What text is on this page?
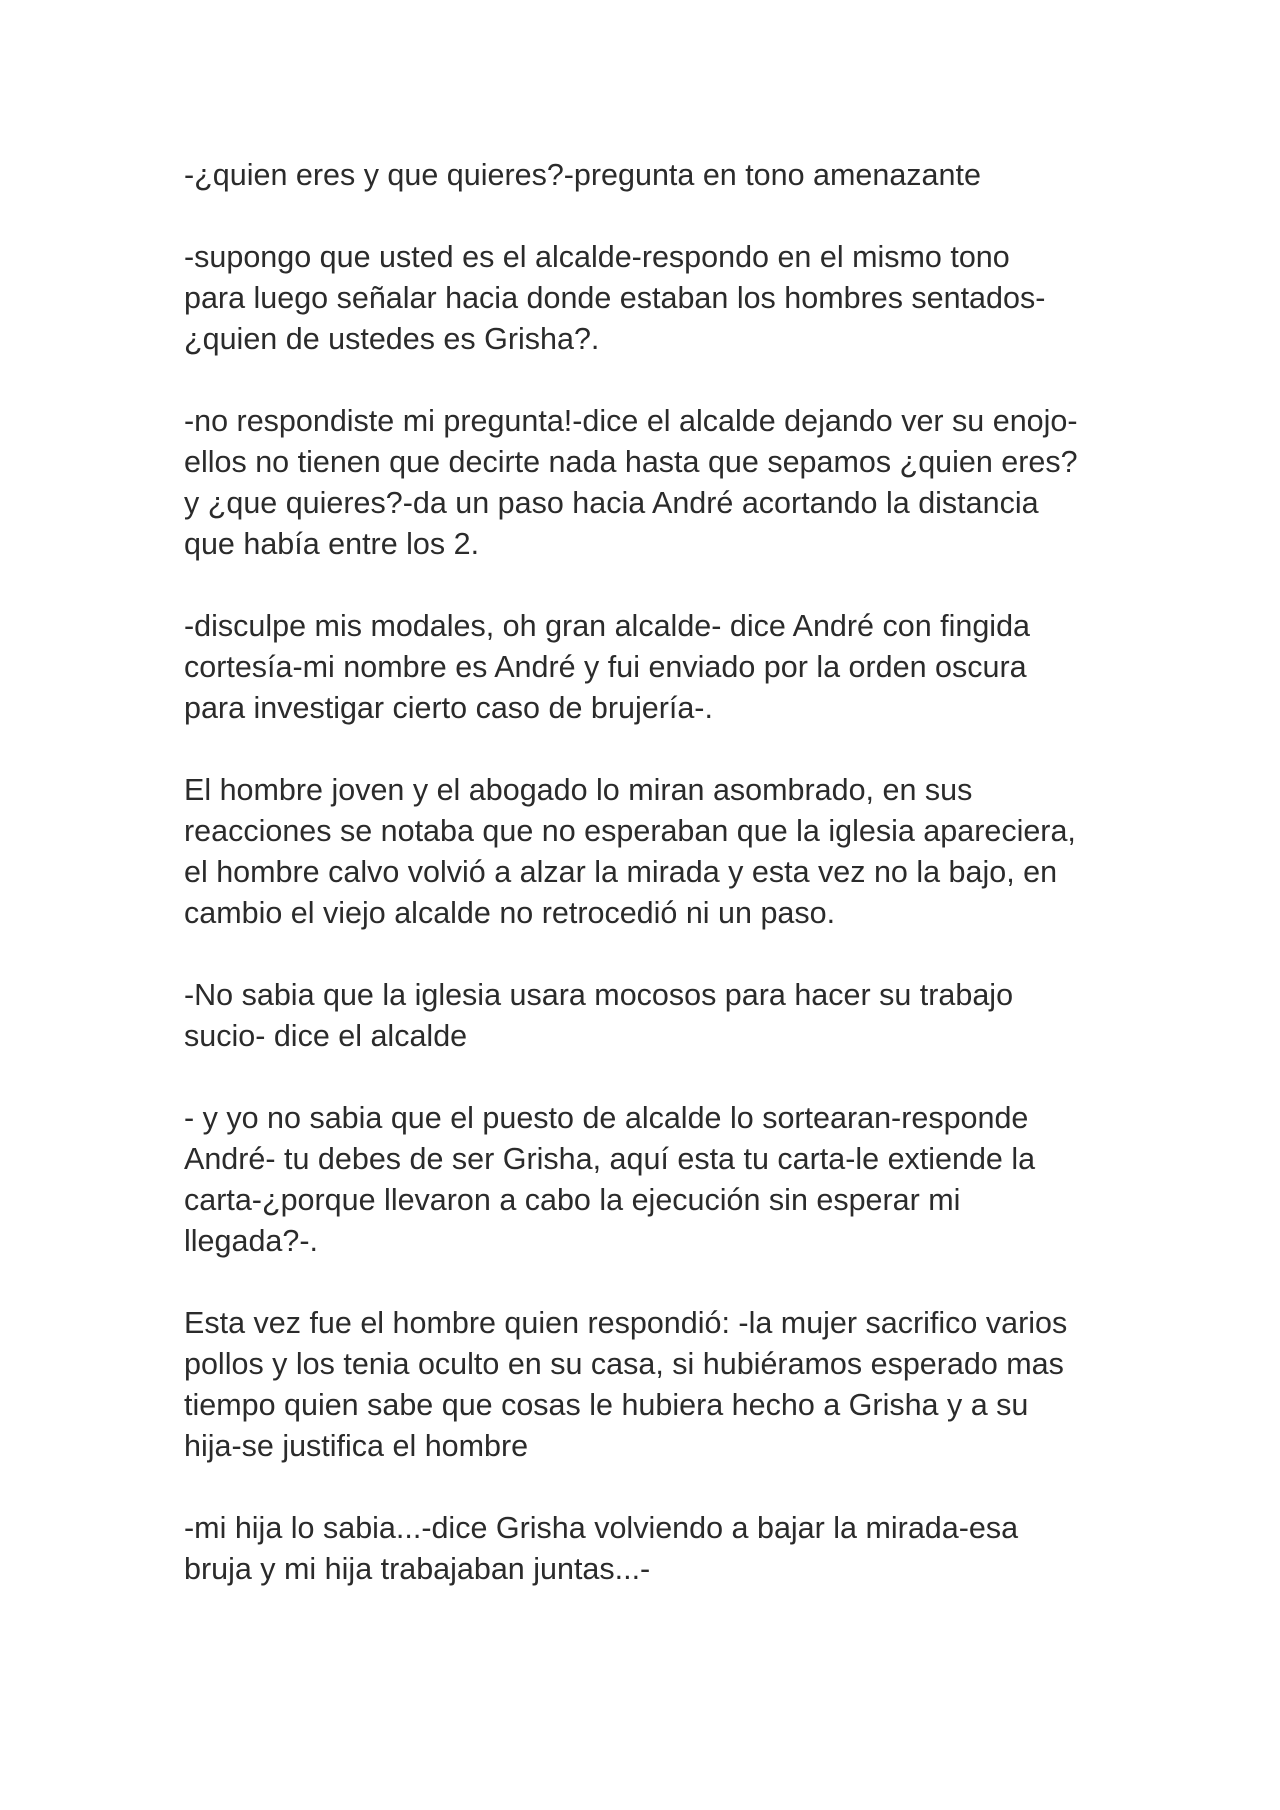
-¿quien eres y que quieres?-pregunta en tono amenazante

-supongo que usted es el alcalde-respondo en el mismo tono
para luego señalar hacia donde estaban los hombres sentados-
¿quien de ustedes es Grisha?.

-no respondiste mi pregunta!-dice el alcalde dejando ver su enojo-
ellos no tienen que decirte nada hasta que sepamos ¿quien eres?
y ¿que quieres?-da un paso hacia André acortando la distancia
que había entre los 2.

-disculpe mis modales, oh gran alcalde- dice André con fingida
cortesía-mi nombre es André y fui enviado por la orden oscura
para investigar cierto caso de brujería-.

El hombre joven y el abogado lo miran asombrado, en sus
reacciones se notaba que no esperaban que la iglesia apareciera,
el hombre calvo volvió a alzar la mirada y esta vez no la bajo, en
cambio el viejo alcalde no retrocedió ni un paso.

-No sabia que la iglesia usara mocosos para hacer su trabajo
sucio- dice el alcalde

- y yo no sabia que el puesto de alcalde lo sortearan-responde
André- tu debes de ser Grisha, aquí esta tu carta-le extiende la
carta-¿porque llevaron a cabo la ejecución sin esperar mi
llegada?-.

Esta vez fue el hombre quien respondió: -la mujer sacrifico varios
pollos y los tenia oculto en su casa, si hubiéramos esperado mas
tiempo quien sabe que cosas le hubiera hecho a Grisha y a su
hija-se justifica el hombre

-mi hija lo sabia...-dice Grisha volviendo a bajar la mirada-esa
bruja y mi hija trabajaban juntas...-
